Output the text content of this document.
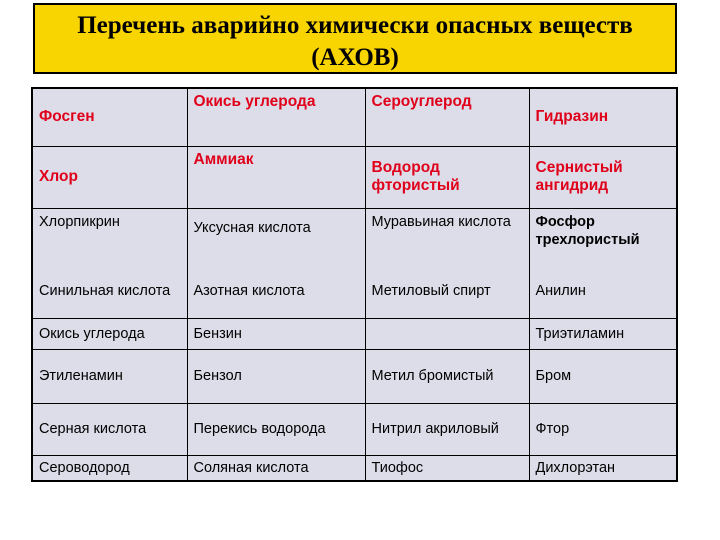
Перечень аварийно химически опасных веществ
(АХОВ)
Фосген	Окись углерода	Сероуглерод	Гидразин
Хлор	Аммиак	Водород фтористый	Сернистый ангидрид
Хлорпикрин	Уксусная кислота	Муравьиная кислота	Фосфор трехлористый
Синильная кислота	Азотная кислота	Метиловый спирт	Анилин
Окись углерода	Бензин		Триэтиламин
Этиленамин	Бензол	Метил бромистый	Бром
Серная кислота	Перекись водорода	Нитрил акриловый	Фтор
Сероводород	Соляная кислота	Тиофос	Дихлорэтан
